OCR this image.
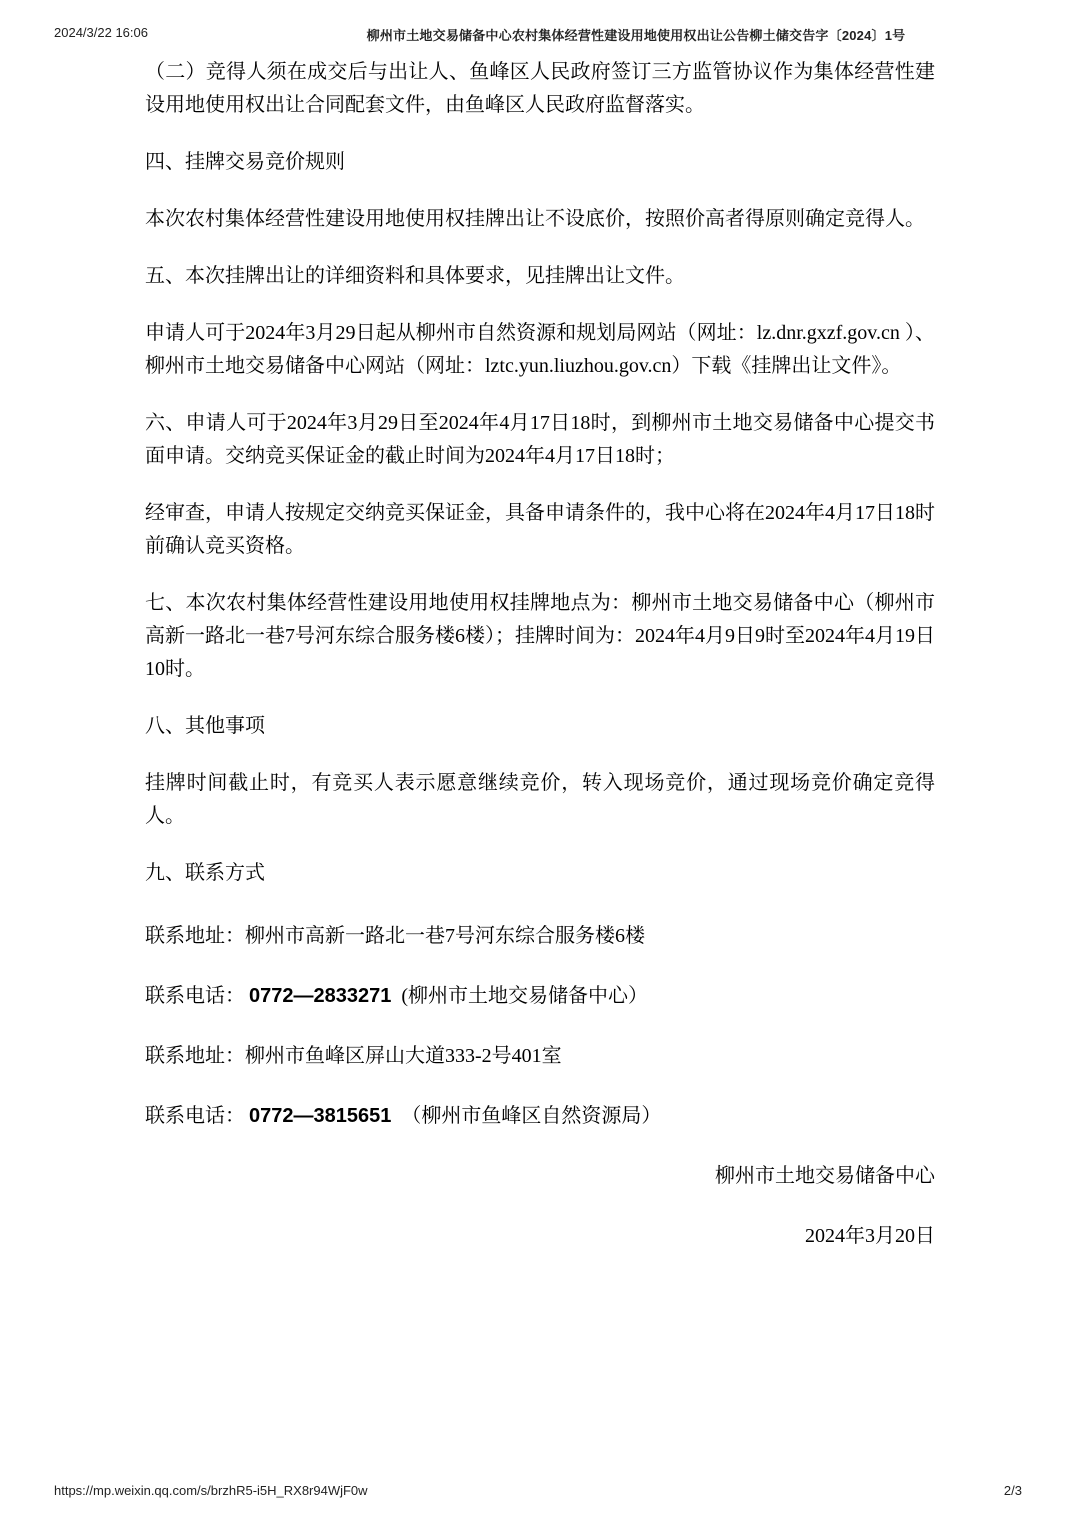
2024/3/22 16:06	柳州市土地交易储备中心农村集体经营性建设用地使用权出让公告柳土储交告字〔2024〕1号

（二）竞得人须在成交后与出让人、鱼峰区人民政府签订三方监管协议作为集体经营性建设用地使用权出让合同配套文件，由鱼峰区人民政府监督落实。

四、挂牌交易竞价规则

本次农村集体经营性建设用地使用权挂牌出让不设底价，按照价高者得原则确定竞得人。

五、本次挂牌出让的详细资料和具体要求，见挂牌出让文件。

申请人可于2024年3月29日起从柳州市自然资源和规划局网站（网址：lz.dnr.gxzf.gov.cn ）、柳州市土地交易储备中心网站（网址：lztc.yun.liuzhou.gov.cn）下载《挂牌出让文件》。

六、申请人可于2024年3月29日至2024年4月17日18时，到柳州市土地交易储备中心提交书面申请。交纳竞买保证金的截止时间为2024年4月17日18时；

经审查，申请人按规定交纳竞买保证金，具备申请条件的，我中心将在2024年4月17日18时前确认竞买资格。

七、本次农村集体经营性建设用地使用权挂牌地点为：柳州市土地交易储备中心（柳州市高新一路北一巷7号河东综合服务楼6楼）；挂牌时间为：2024年4月9日9时至2024年4月19日10时。

八、其他事项

挂牌时间截止时，有竞买人表示愿意继续竞价，转入现场竞价，通过现场竞价确定竞得人。

九、联系方式

联系地址：柳州市高新一路北一巷7号河东综合服务楼6楼

联系电话： 0772—2833271 (柳州市土地交易储备中心）

联系地址：柳州市鱼峰区屏山大道333-2号401室

联系电话： 0772—3815651 （柳州市鱼峰区自然资源局）

柳州市土地交易储备中心

2024年3月20日

https://mp.weixin.qq.com/s/brzhR5-i5H_RX8r94WjF0w	2/3
